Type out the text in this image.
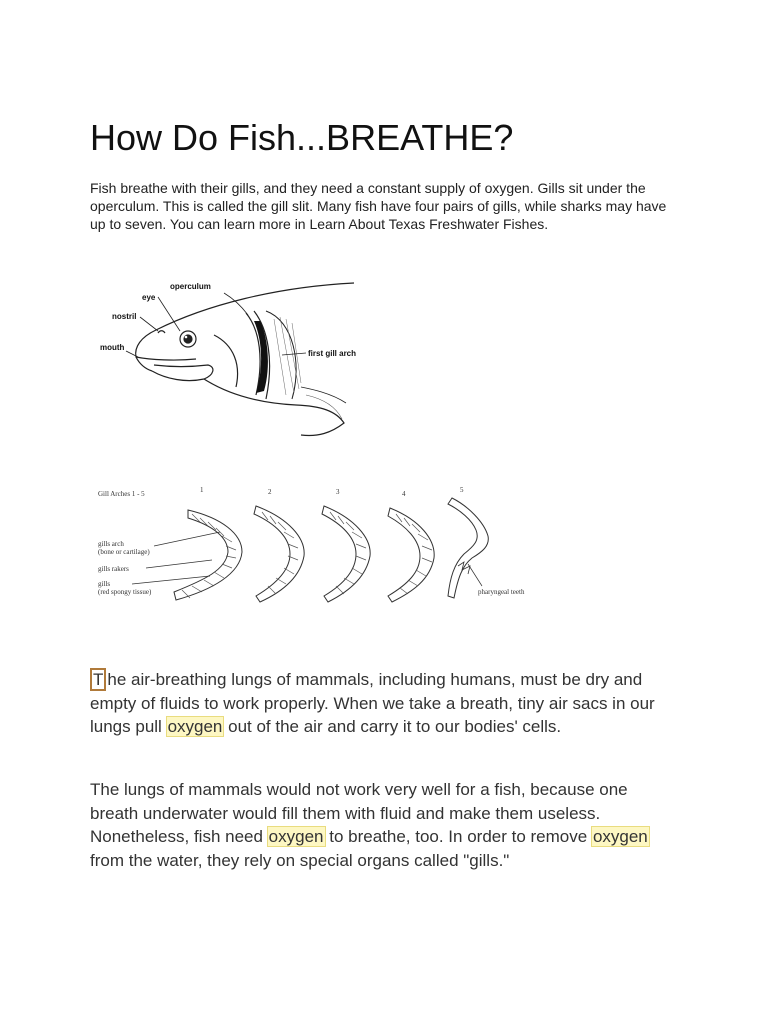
How Do Fish...BREATHE?

Fish breathe with their gills, and they need a constant supply of oxygen. Gills sit under the operculum. This is called the gill slit. Many fish have four pairs of gills, while sharks may have up to seven. You can learn more in Learn About Texas Freshwater Fishes.

operculum
eye
nostril
mouth
first gill arch
Gill Arches 1 - 5	1	2	3	4	5
gills arch
(bone or cartilage)
gills rakers
gills
(red spongy tissue)	pharyngeal teeth

T he air-breathing lungs of mammals, including humans, must be dry and empty of fluids to work properly. When we take a breath, tiny air sacs in our lungs pull oxygen out of the air and carry it to our bodies' cells.

The lungs of mammals would not work very well for a fish, because one breath underwater would fill them with fluid and make them useless. Nonetheless, fish need oxygen to breathe, too. In order to remove oxygen from the water, they rely on special organs called "gills."
